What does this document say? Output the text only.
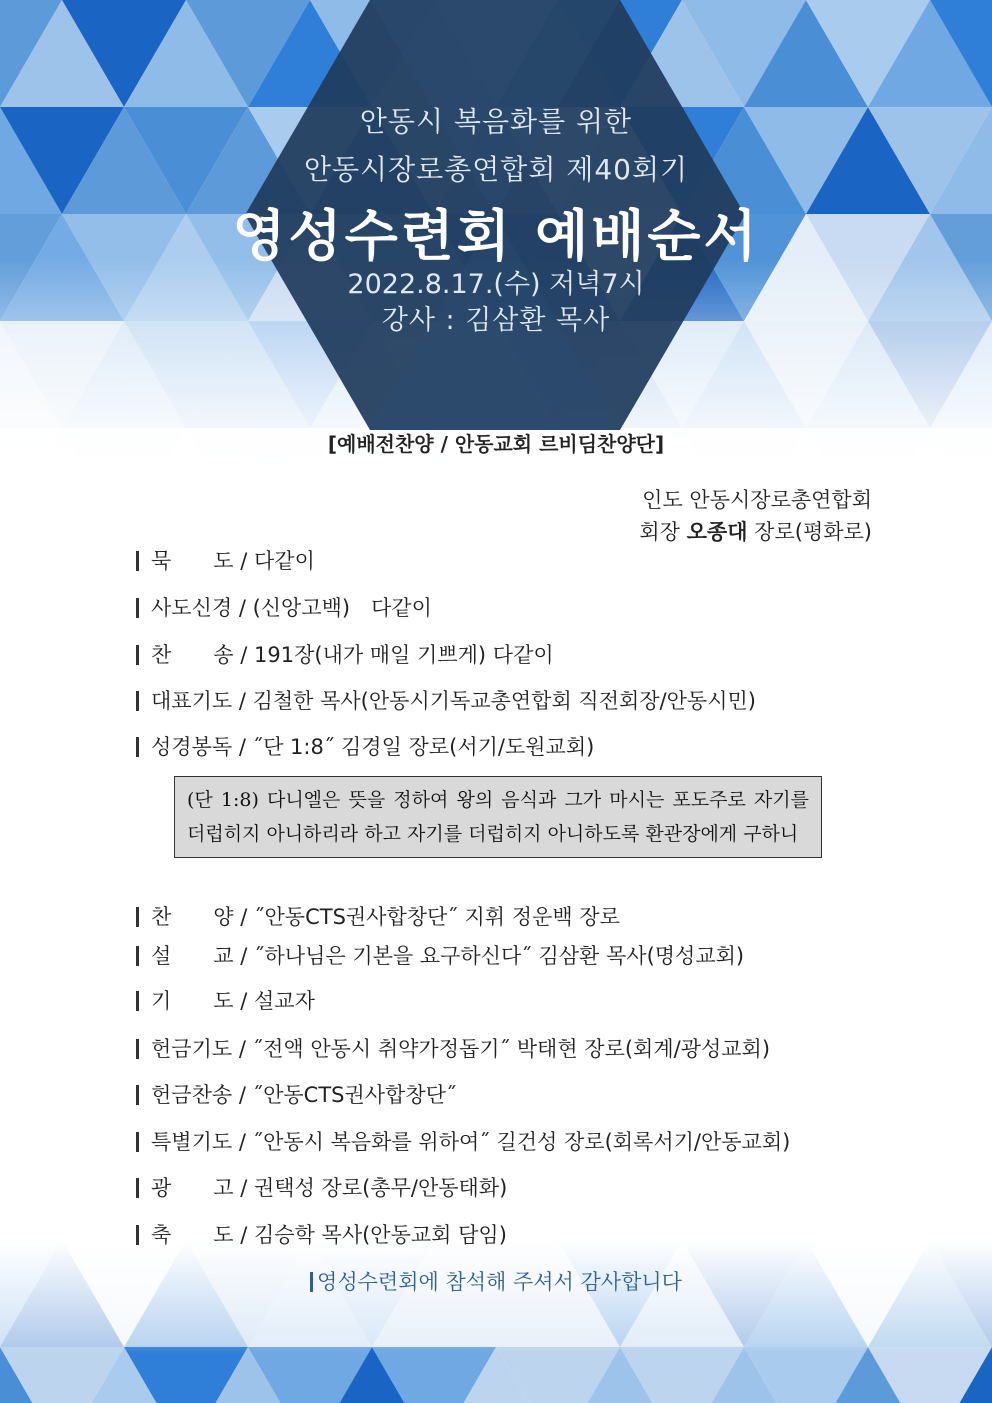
안동시 복음화를 위한
안동시장로총연합회 제40회기
영성수련회 예배순서
2022.8.17.(수) 저녁7시
강사 : 김삼환 목사
[예배전찬양 / 안동교회 르비딤찬양단]
인도 안동시장로총연합회
회장 오종대 장로(평화로)
묵　　도 / 다같이
사도신경 / (신앙고백)　다같이
찬　　송 / 191장(내가 매일 기쁘게) 다같이
대표기도 / 김철한 목사(안동시기독교총연합회 직전회장/안동시민)
성경봉독 / ˝단 1:8˝ 김경일 장로(서기/도원교회)
(단 1:8) 다니엘은 뜻을 정하여 왕의 음식과 그가 마시는 포도주로 자기를 더럽히지 아니하리라 하고 자기를 더럽히지 아니하도록 환관장에게 구하니
찬　　양 / ˝안동CTS권사합창단˝ 지휘 정운백 장로
설　　교 / ˝하나님은 기본을 요구하신다˝ 김삼환 목사(명성교회)
기　　도 / 설교자
헌금기도 / ˝전액 안동시 취약가정돕기˝ 박태현 장로(회계/광성교회)
헌금찬송 / ˝안동CTS권사합창단˝
특별기도 / ˝안동시 복음화를 위하여˝ 길건성 장로(회록서기/안동교회)
광　　고 / 권택성 장로(총무/안동태화)
축　　도 / 김승학 목사(안동교회 담임)
영성수련회에 참석해 주셔서 감사합니다
